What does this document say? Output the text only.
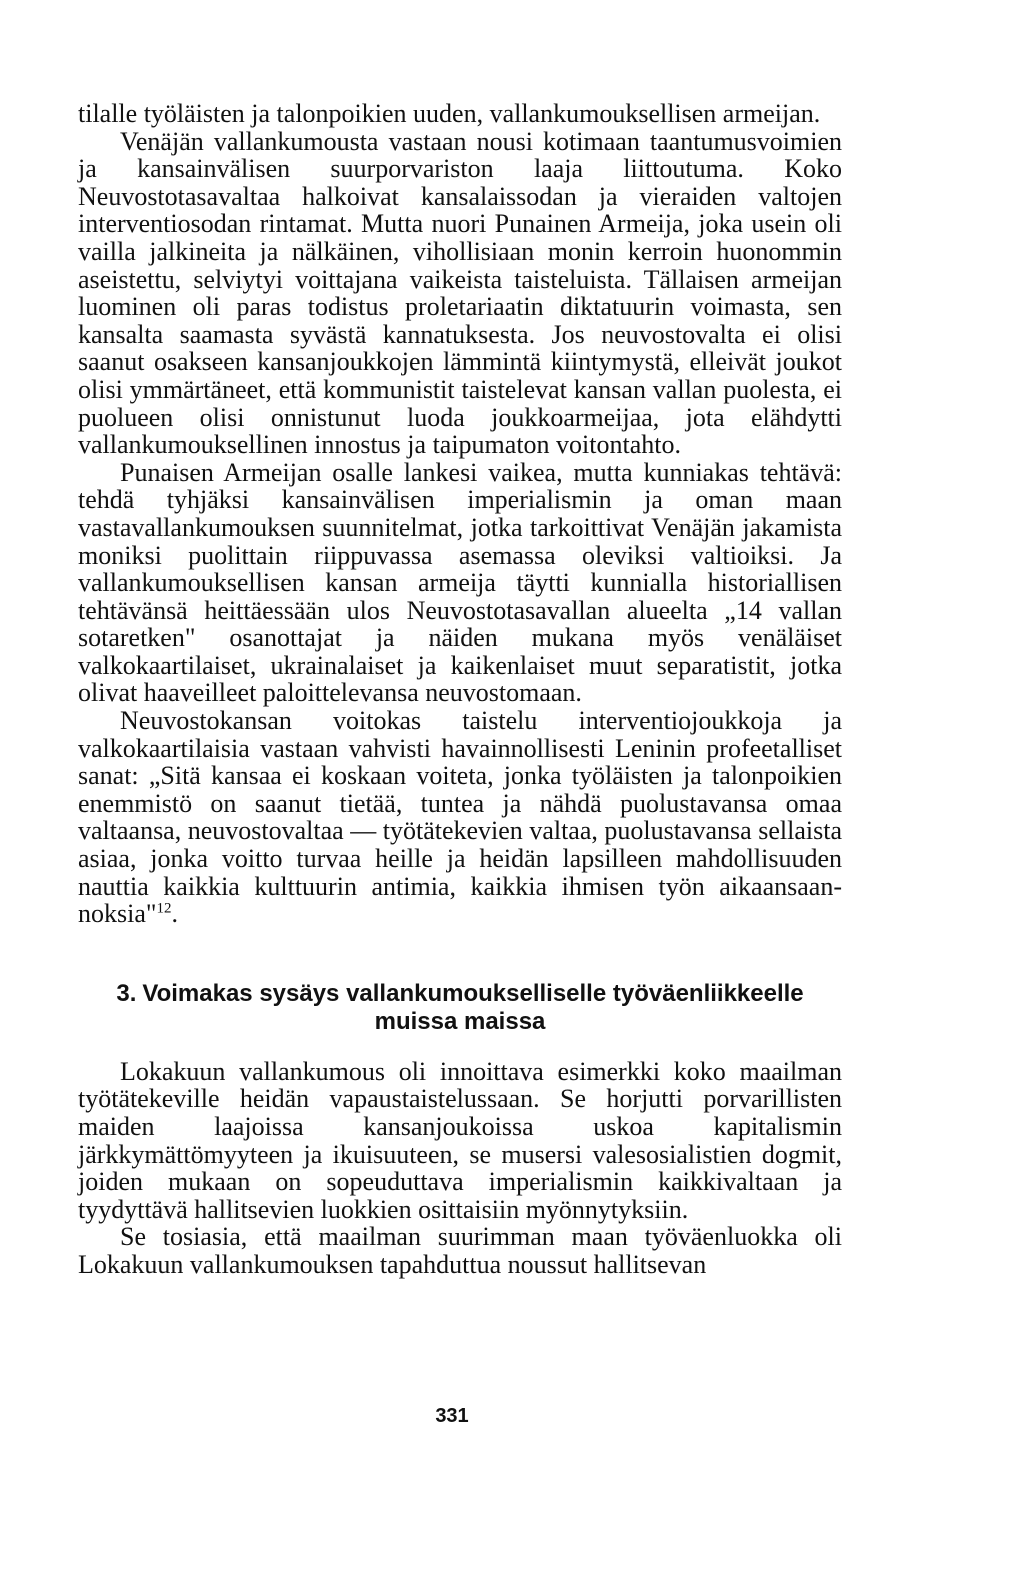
tilalle työläisten ja talonpoikien uuden, vallankumouksellisen armeijan.

Venäjän vallankumousta vastaan nousi kotimaan taantumusvoimien ja kansainvälisen suurporvariston laaja liittoutuma. Koko Neuvostotasavaltaa halkoivat kansalaissodan ja vieraiden valtojen interventiosodan rintamat. Mutta nuori Punainen Armeija, joka usein oli vailla jalkineita ja nälkäinen, vihollisiaan monin kerroin huonommin aseistettu, selviytyi voittajana vaikeista taisteluista. Tällaisen armeijan luominen oli paras todistus proletariaatin diktatuurin voimasta, sen kansalta saamasta syvästä kannatuksesta. Jos neuvostovalta ei olisi saanut osakseen kansanjoukkojen lämmintä kiintymystä, elleivät joukot olisi ymmärtäneet, että kommunistit taistelevat kansan vallan puolesta, ei puolueen olisi onnistunut luoda joukkoarmeijaa, jota elähdytti vallankumouksellinen innostus ja taipumaton voitontahto.

Punaisen Armeijan osalle lankesi vaikea, mutta kunniakas tehtävä: tehdä tyhjäksi kansainvälisen imperialismin ja oman maan vastavallankumouksen suunnitelmat, jotka tarkoittivat Venäjän jakamista moniksi puolittain riippuvassa asemassa oleviksi valtioiksi. Ja vallankumouksellisen kansan armeija täytti kunnialla historiallisen tehtävänsä heittäessään ulos Neuvostotasavallan alueelta „14 vallan sotaretken" osanottajat ja näiden mukana myös venäläiset valkokaartilaiset, ukrainalaiset ja kaikenlaiset muut separatistit, jotka olivat haaveilleet paloittelevansa neuvostomaan.

Neuvostokansan voitokas taistelu interventiojoukkoja ja valkokaartilaisia vastaan vahvisti havainnollisesti Leninin profeetalliset sanat: „Sitä kansaa ei koskaan voiteta, jonka työläisten ja talonpoikien enemmistö on saanut tietää, tuntea ja nähdä puolustavansa omaa valtaansa, neuvostovaltaa — työtätekevien valtaa, puolustavansa sellaista asiaa, jonka voitto turvaa heille ja heidän lapsilleen mahdollisuuden nauttia kaikkia kulttuurin antimia, kaikkia ihmisen työn aikaansaannoksia"$^{12}$.

3. Voimakas sysäys vallankumoukselliselle työväenliikkeelle muissa maissa

Lokakuun vallankumous oli innoittava esimerkki koko maailman työtätekeville heidän vapaustaistelussaan. Se horjutti porvarillisten maiden laajoissa kansanjoukoissa uskoa kapitalismin järkkymättömyyteen ja ikuisuuteen, se musersi valesosialistien dogmit, joiden mukaan on sopeuduttava imperialismin kaikkivaltaan ja tyydyttävä hallitsevien luokkien osittaisiin myönnytyksiin.

Se tosiasia, että maailman suurimman maan työväenluokka oli Lokakuun vallankumouksen tapahduttua noussut hallitsevan

331
